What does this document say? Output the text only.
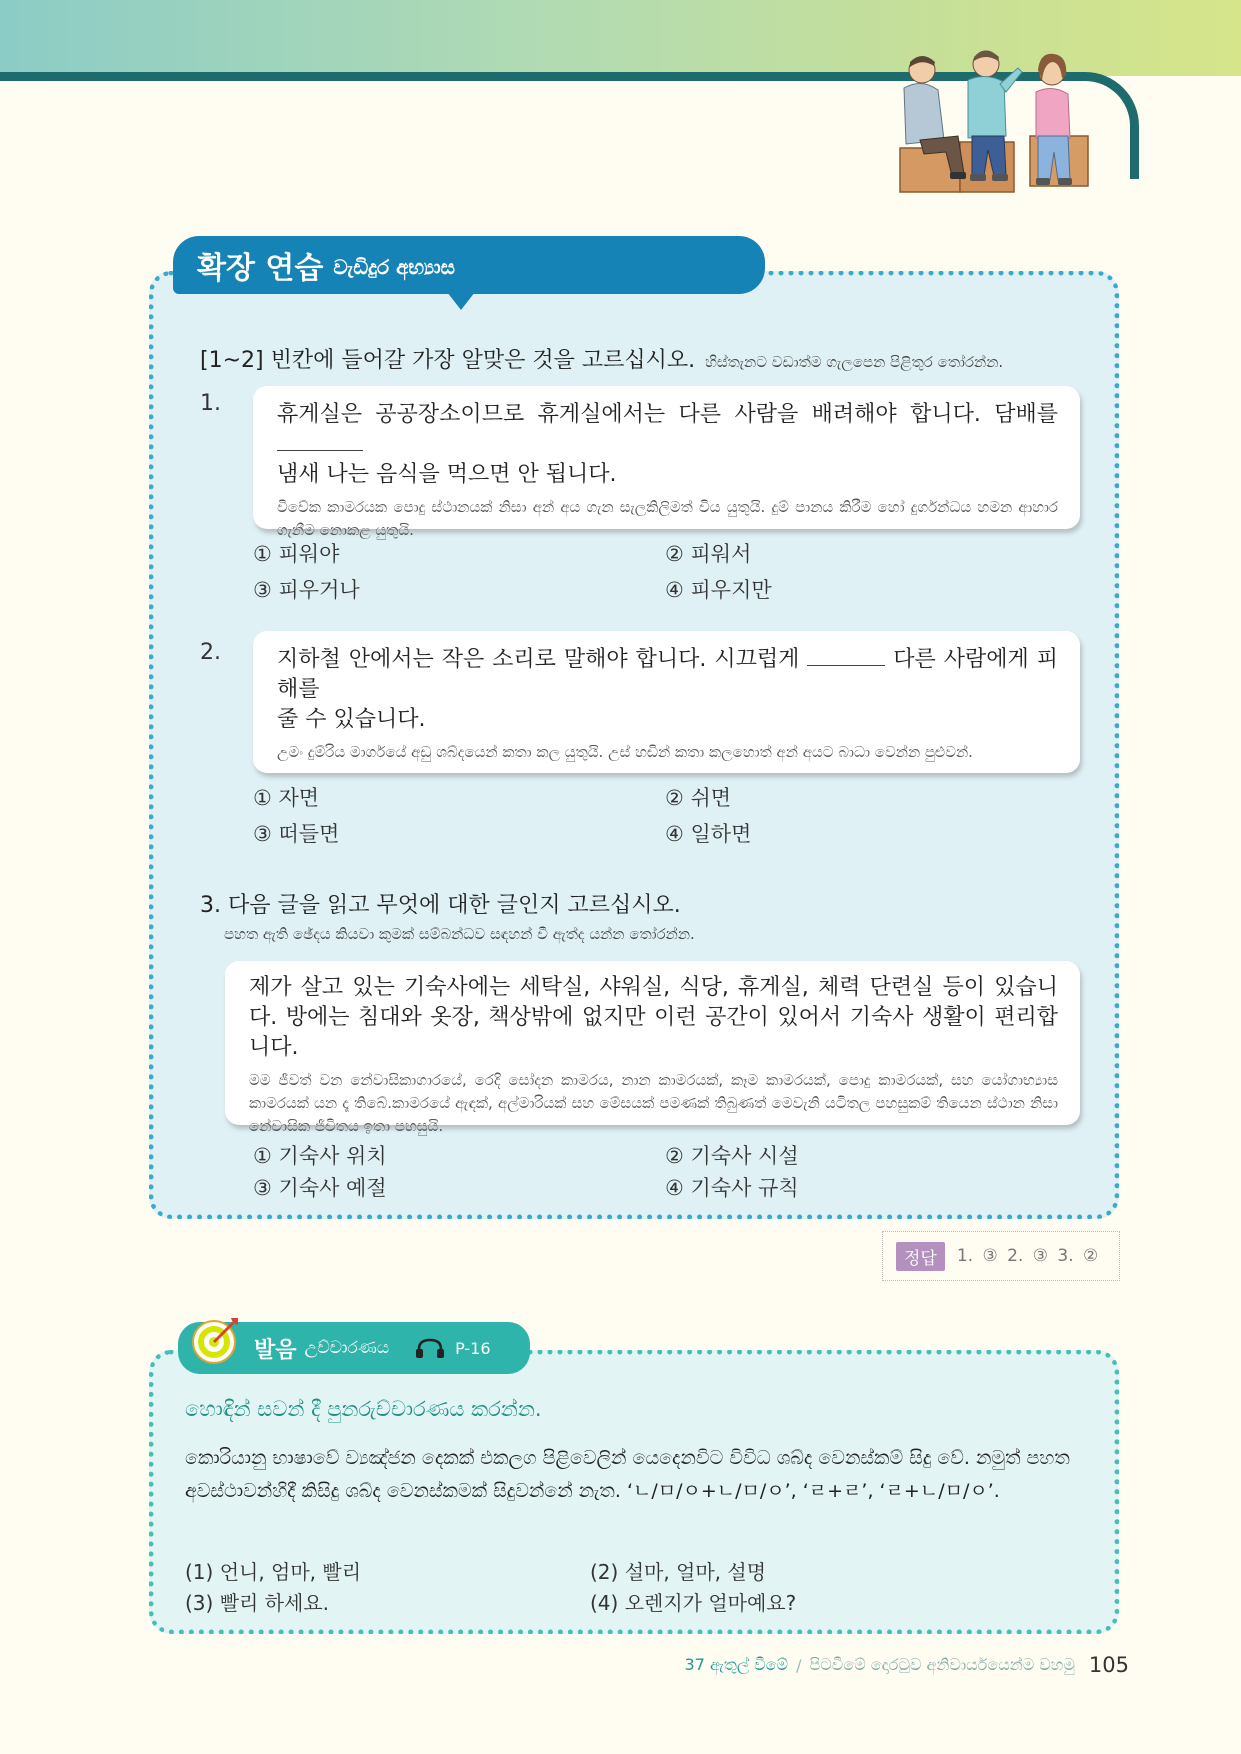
확장 연습 වැඩිදුර අභ්‍යාස
[1~2] 빈칸에 들어갈 가장 알맞은 것을 고르십시오. හිස්තැනට වඩාත්ම ගැලපෙන පිළිතුර තෝරන්න.
1.	휴게실은 공공장소이므로 휴게실에서는 다른 사람을 배려해야 합니다. 담배를
냄새 나는 음식을 먹으면 안 됩니다.
විවේක කාමරයක පොදු ස්ථානයක් නිසා අන් අය ගැන සැලකිලිමත් විය යුතුයි. දුම් පානය කිරීම හෝ දුර්ගන්ධය හමන ආහාර ගැනීම නොකළ යුතුයි.
① 피워야	② 피워서
③ 피우거나	④ 피우지만
2.	지하철 안에서는 작은 소리로 말해야 합니다. 시끄럽게	다른 사람에게 피해를
줄 수 있습니다.
උමං දුම්රිය මාර්ගයේ අඩු ශබ්දයෙන් කතා කල යුතුයි. උස් හඩින් කතා කලහොත් අන් අයට බාධා වෙන්න පුළුවන්.
① 자면	② 쉬면
③ 떠들면	④ 일하면
3. 다음 글을 읽고 무엇에 대한 글인지 고르십시오.
පහත ඇති ඡේදය කියවා කුමක් සම්බන්ධව සඳහන් වී ඇත්ද යන්න තෝරන්න.
제가 살고 있는 기숙사에는 세탁실, 샤워실, 식당, 휴게실, 체력 단련실 등이 있습니다. 방에는 침대와 옷장, 책상밖에 없지만 이런 공간이 있어서 기숙사 생활이 편리합니다.
මම ජීවත් වන නේවාසිකාගාරයේ, රෙදි සෝදන කාමරය, නාන කාමරයක්, කෑම කාමරයක්, පොදු කාමරයක්, සහ යෝගාභ්‍යාස කාමරයක් යන දෑ තිබේ.කාමරයේ ඇඳක්, අල්මාරියක් සහ මේසයක් පමණක් තිබුණත් මෙවැනි යටිතල පහසුකම් තියෙන ස්ථාන නිසා නේවාසික ජීවිතය ඉතා පහසුයි.
① 기숙사 위치	② 기숙사 시설
③ 기숙사 예절	④ 기숙사 규칙
정답	1. ③ 2. ③ 3. ②
발음 උච්චාරණය	P-16
හොඳින් සවන් දී පුනරුච්චාරණය කරන්න.
කොරියානු භාෂාවේ ව්‍යඤ්ජන දෙකක් එකලග පිළිවෙලින් යෙදෙනවිට විවිධ ශබ්ද වෙනස්කම් සිදු වේ. නමුත් පහත අවස්ථාවන්හිදී කිසිදු ශබ්ද වෙනස්කමක් සිදුවන්නේ නැත. ‘ㄴ/ㅁ/ㅇ+ㄴ/ㅁ/ㅇ’, ‘ㄹ+ㄹ’, ‘ㄹ+ㄴ/ㅁ/ㅇ’.
(1) 언니, 엄마, 빨리	(2) 설마, 얼마, 설명
(3) 빨리 하세요.	(4) 오렌지가 얼마예요?
37 ඇතුල් වීමේ / පිටවීමේ දොරටුව අනිවාර්යයෙන්ම වහමු 105
